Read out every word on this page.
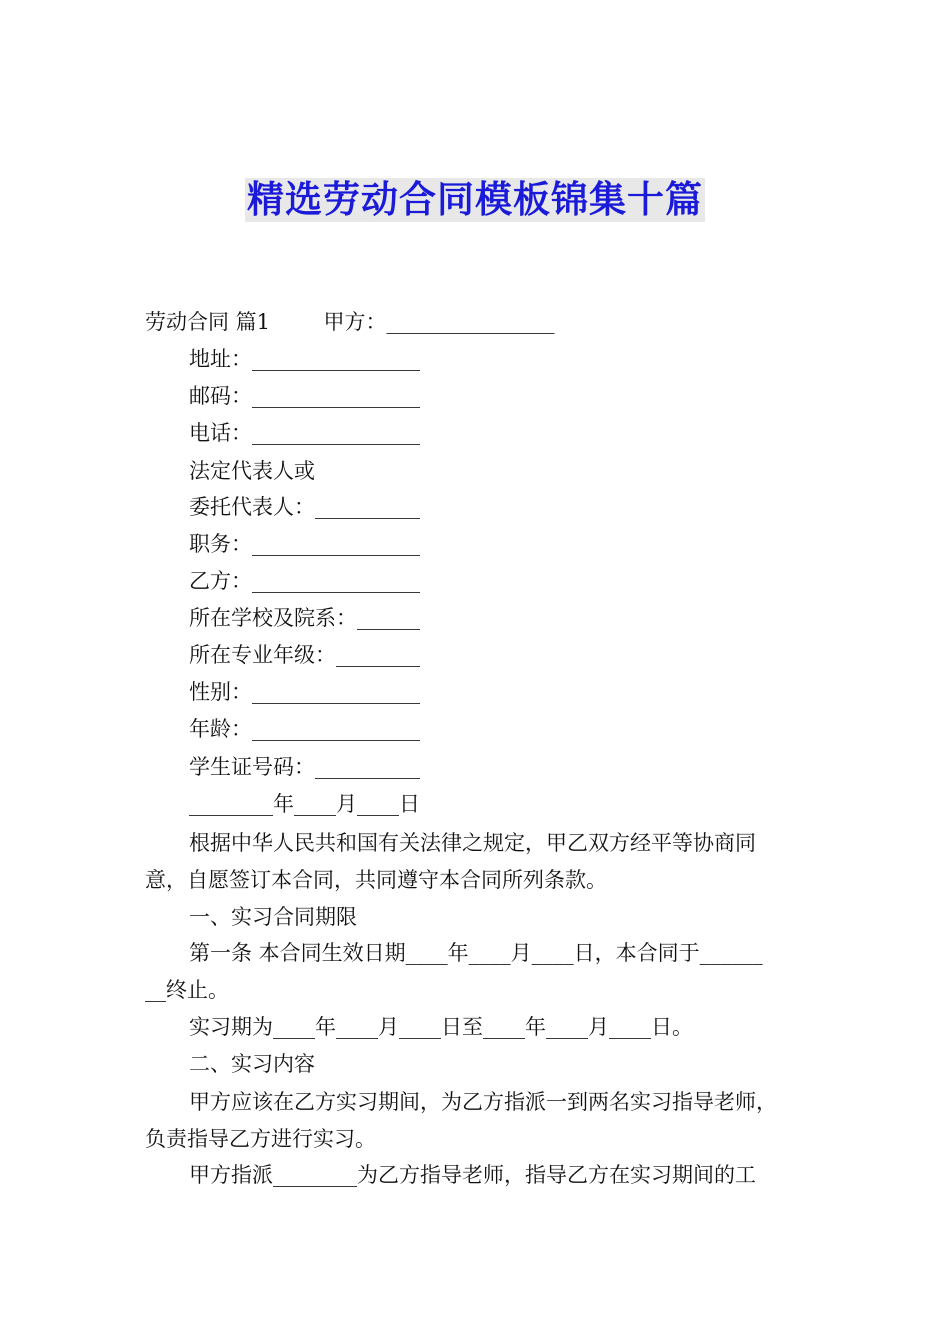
精选劳动合同模板锦集十篇
劳动合同 篇1        甲方：________________
地址：________________
邮码：________________
电话：________________
法定代表人或
委托代表人：__________
职务：________________
乙方：________________
所在学校及院系：______
所在专业年级：________
性别：________________
年龄：________________
学生证号码：__________
________年____月____日
根据中华人民共和国有关法律之规定，甲乙双方经平等协商同
意，自愿签订本合同，共同遵守本合同所列条款。
一、实习合同期限
第一条 本合同生效日期____年____月____日，本合同于______
__终止。
实习期为____年____月____日至____年____月____日。
二、实习内容
甲方应该在乙方实习期间，为乙方指派一到两名实习指导老师，
负责指导乙方进行实习。
甲方指派________为乙方指导老师，指导乙方在实习期间的工
